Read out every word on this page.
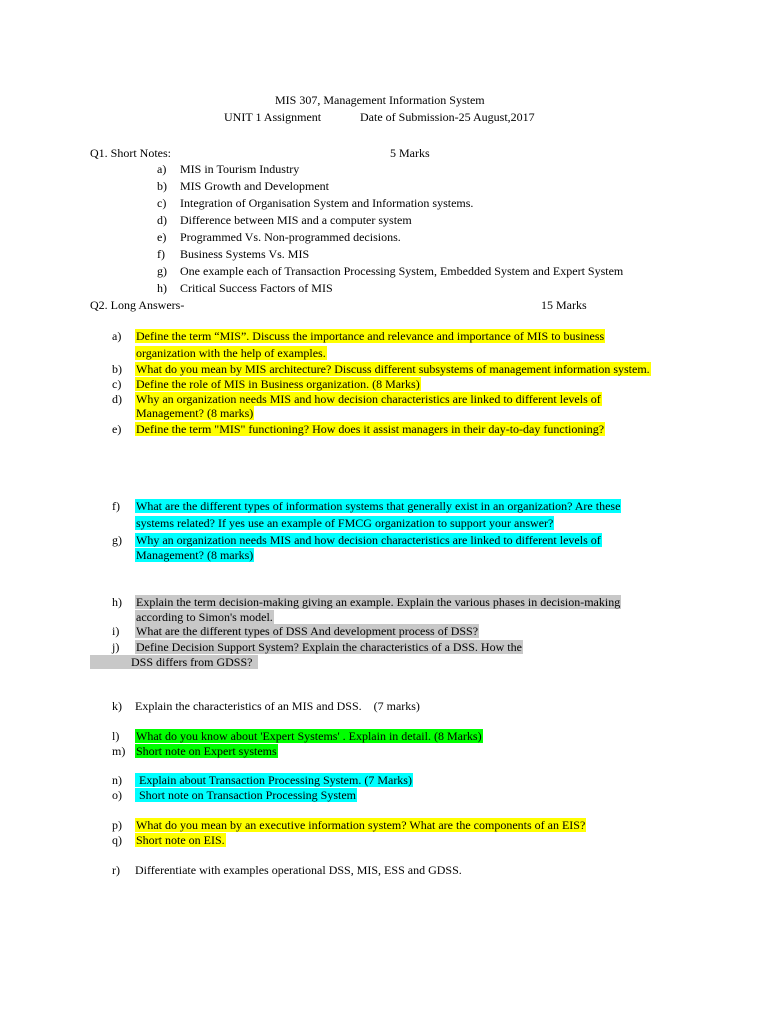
MIS 307, Management Information System
UNIT 1 Assignment	Date of Submission-25 August,2017
Q1. Short Notes:	5 Marks
a) MIS in Tourism Industry
b) MIS Growth and Development
c) Integration of Organisation System and Information systems.
d) Difference between MIS and a computer system
e) Programmed Vs. Non-programmed decisions.
f) Business Systems Vs. MIS
g) One example each of Transaction Processing System, Embedded System and Expert System
h) Critical Success Factors of MIS
Q2. Long Answers-	15 Marks
a) Define the term “MIS”. Discuss the importance and relevance and importance of MIS to business
organization with the help of examples.
b) What do you mean by MIS architecture? Discuss different subsystems of management information system.
c) Define the role of MIS in Business organization. (8 Marks)
d) Why an organization needs MIS and how decision characteristics are linked to different levels of
Management? (8 marks)
e) Define the term "MIS" functioning? How does it assist managers in their day-to-day functioning?
f) What are the different types of information systems that generally exist in an organization? Are these
systems related? If yes use an example of FMCG organization to support your answer?
g) Why an organization needs MIS and how decision characteristics are linked to different levels of
Management? (8 marks)
h) Explain the term decision-making giving an example. Explain the various phases in decision-making
according to Simon's model.
i) What are the different types of DSS And development process of DSS?
j) Define Decision Support System? Explain the characteristics of a DSS. How the
DSS differs from GDSS?
k) Explain the characteristics of an MIS and DSS.    (7 marks)
l) What do you know about 'Expert Systems' . Explain in detail. (8 Marks)
m) Short note on Expert systems
n) Explain about Transaction Processing System. (7 Marks)
o) Short note on Transaction Processing System
p) What do you mean by an executive information system? What are the components of an EIS?
q) Short note on EIS.
r) Differentiate with examples operational DSS, MIS, ESS and GDSS.
